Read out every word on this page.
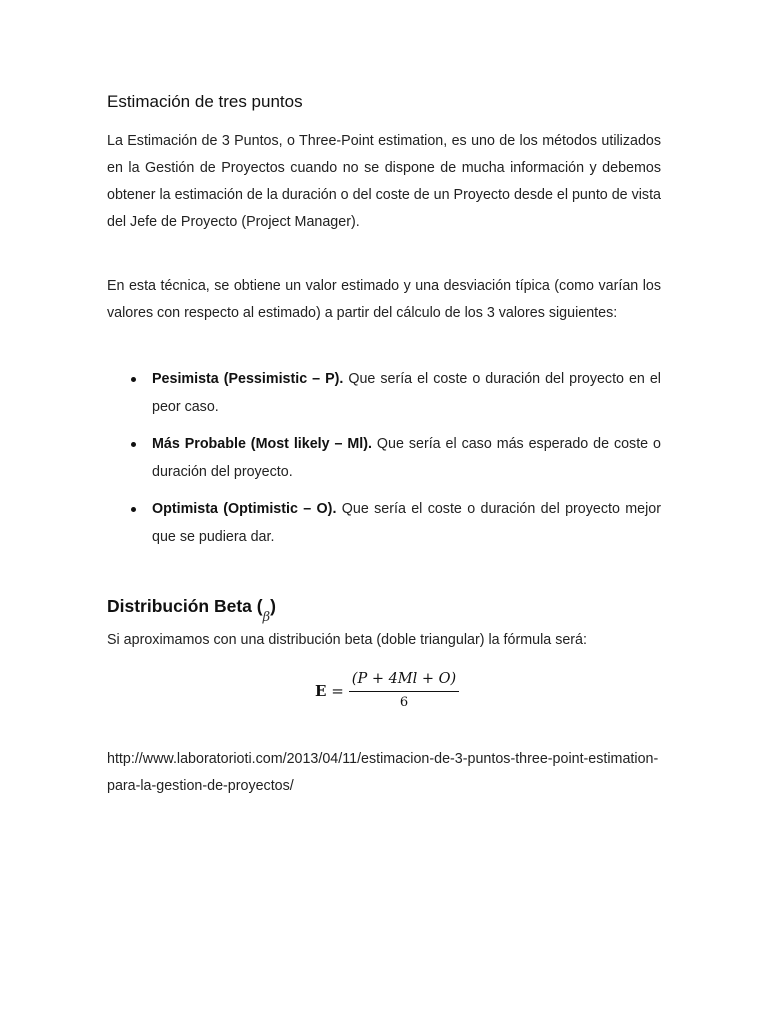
Estimación de tres puntos

La Estimación de 3 Puntos, o Three-Point estimation, es uno de los métodos utilizados en la Gestión de Proyectos cuando no se dispone de mucha información y debemos obtener la estimación de la duración o del coste de un Proyecto desde el punto de vista del Jefe de Proyecto (Project Manager).

En esta técnica, se obtiene un valor estimado y una desviación típica (como varían los valores con respecto al estimado) a partir del cálculo de los 3 valores siguientes:

Pesimista (Pessimistic – P). Que sería el coste o duración del proyecto en el peor caso.
Más Probable (Most likely – Ml). Que sería el caso más esperado de coste o duración del proyecto.
Optimista (Optimistic – O). Que sería el coste o duración del proyecto mejor que se pudiera dar.
Distribución Beta $(_\beta)$

Si aproximamos con una distribución beta (doble triangular) la fórmula será:

E =
(P + 4Ml + O)
6

http://www.laboratorioti.com/2013/04/11/estimacion-de-3-puntos-three-point-estimation-para-la-gestion-de-proyectos/
